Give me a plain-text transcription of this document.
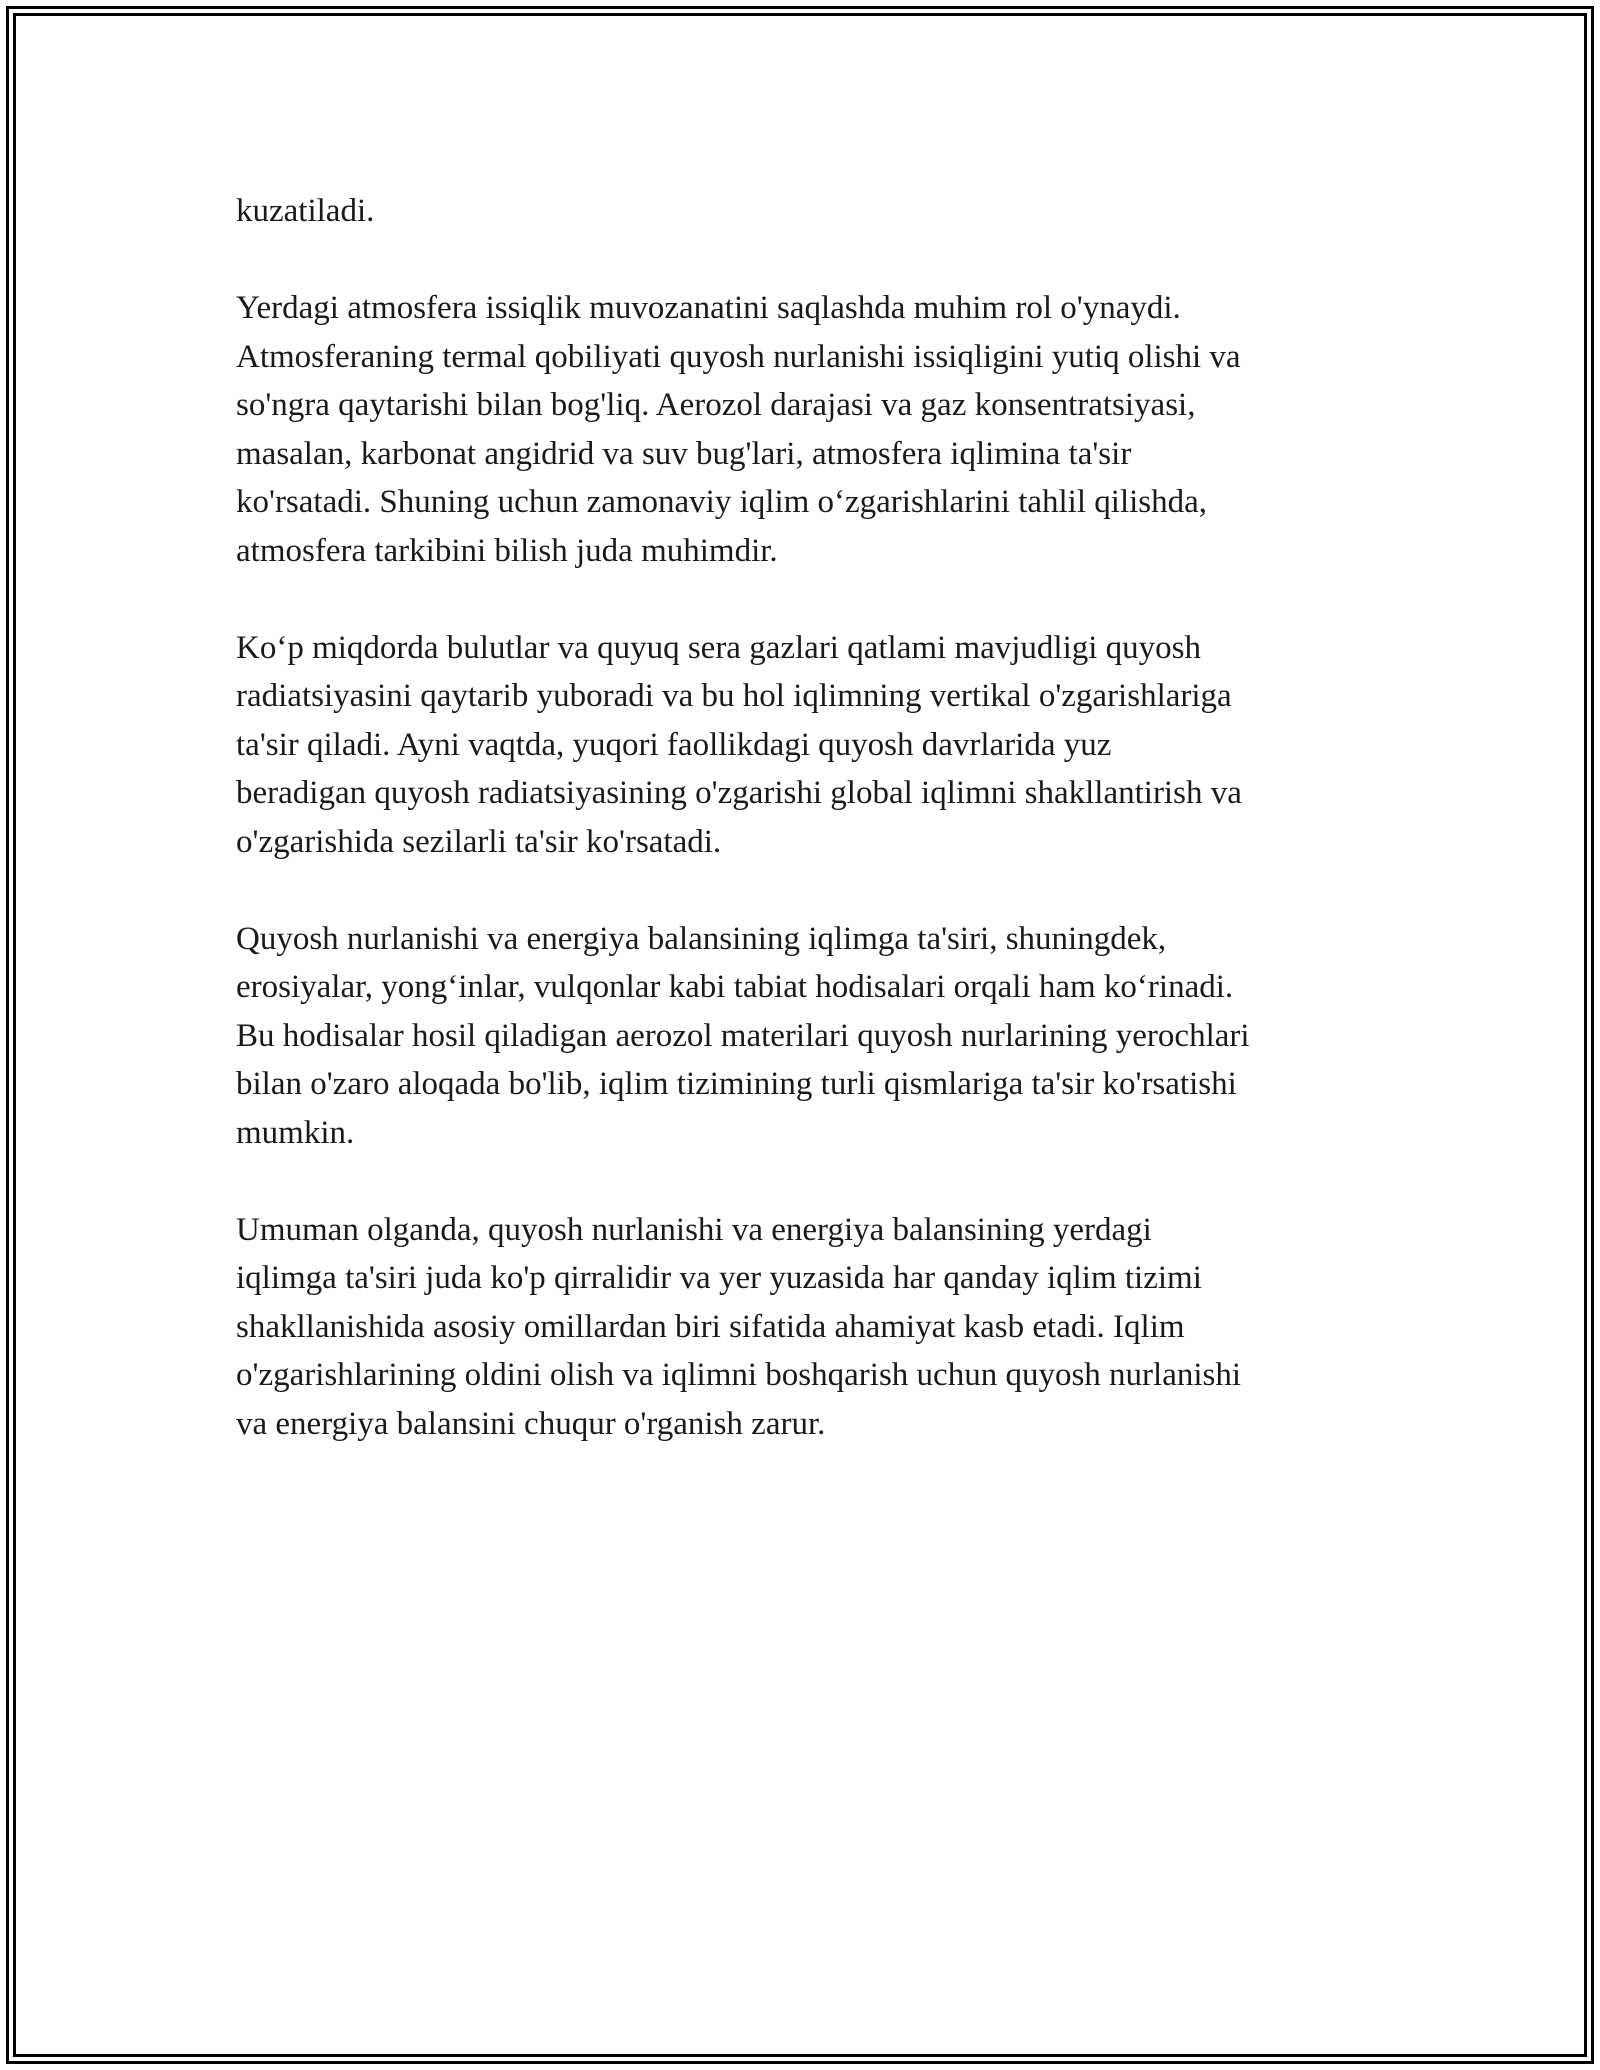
kuzatiladi.

Yerdagi atmosfera issiqlik muvozanatini saqlashda muhim rol o'ynaydi.
Atmosferaning termal qobiliyati quyosh nurlanishi issiqligini yutiq olishi va
so'ngra qaytarishi bilan bog'liq. Aerozol darajasi va gaz konsentratsiyasi,
masalan, karbonat angidrid va suv bug'lari, atmosfera iqlimina ta'sir
ko'rsatadi. Shuning uchun zamonaviy iqlim o‘zgarishlarini tahlil qilishda,
atmosfera tarkibini bilish juda muhimdir.

Ko‘p miqdorda bulutlar va quyuq sera gazlari qatlami mavjudligi quyosh
radiatsiyasini qaytarib yuboradi va bu hol iqlimning vertikal o'zgarishlariga
ta'sir qiladi. Ayni vaqtda, yuqori faollikdagi quyosh davrlarida yuz
beradigan quyosh radiatsiyasining o'zgarishi global iqlimni shakllantirish va
o'zgarishida sezilarli ta'sir ko'rsatadi.

Quyosh nurlanishi va energiya balansining iqlimga ta'siri, shuningdek,
erosiyalar, yong‘inlar, vulqonlar kabi tabiat hodisalari orqali ham ko‘rinadi.
Bu hodisalar hosil qiladigan aerozol materilari quyosh nurlarining yerochlari
bilan o'zaro aloqada bo'lib, iqlim tizimining turli qismlariga ta'sir ko'rsatishi
mumkin.

Umuman olganda, quyosh nurlanishi va energiya balansining yerdagi
iqlimga ta'siri juda ko'p qirralidir va yer yuzasida har qanday iqlim tizimi
shakllanishida asosiy omillardan biri sifatida ahamiyat kasb etadi. Iqlim
o'zgarishlarining oldini olish va iqlimni boshqarish uchun quyosh nurlanishi
va energiya balansini chuqur o'rganish zarur.
